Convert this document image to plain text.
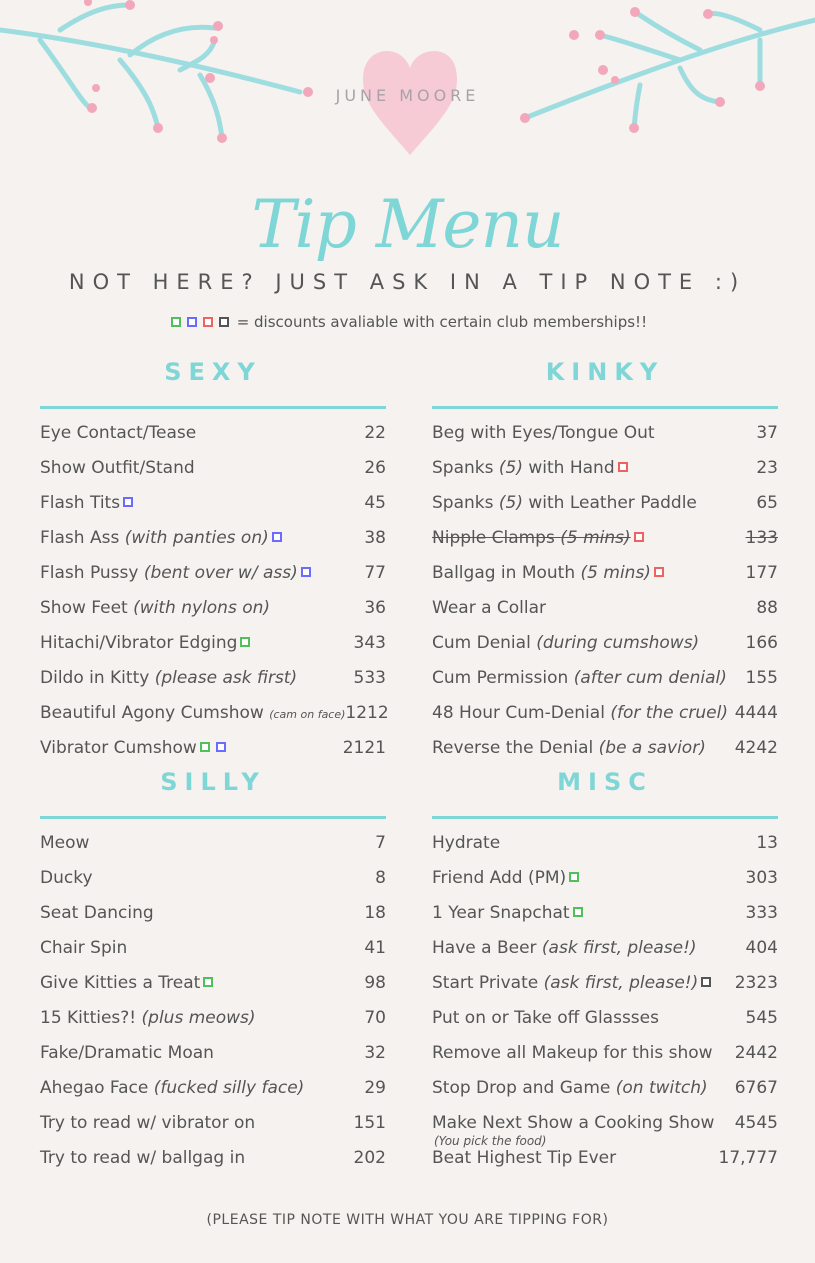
JUNE MOORE
Tip Menu
NOT HERE? JUST ASK IN A TIP NOTE :)
= discounts avaliable with certain club memberships!!
SEXY
Eye Contact/Tease	22
Show Outfit/Stand	26
Flash Tits	45
Flash Ass (with panties on)	38
Flash Pussy (bent over w/ ass)	77
Show Feet (with nylons on)	36
Hitachi/Vibrator Edging	343
Dildo in Kitty (please ask first)	533
Beautiful Agony Cumshow (cam on face) 1212
Vibrator Cumshow	2121
KINKY
Beg with Eyes/Tongue Out	37
Spanks (5) with Hand	23
Spanks (5) with Leather Paddle	65
Nipple Clamps (5 mins)	133
Ballgag in Mouth (5 mins)	177
Wear a Collar	88
Cum Denial (during cumshows)	166
Cum Permission (after cum denial) 155
48 Hour Cum-Denial (for the cruel) 4444
Reverse the Denial (be a savior) 4242
SILLY
Meow	7
Ducky	8
Seat Dancing	18
Chair Spin	41
Give Kitties a Treat	98
15 Kitties?! (plus meows)	70
Fake/Dramatic Moan	32
Ahegao Face (fucked silly face)	29
Try to read w/ vibrator on	151
Try to read w/ ballgag in	202
MISC
Hydrate	13
Friend Add (PM)	303
1 Year Snapchat	333
Have a Beer (ask first, please!)	404
Start Private (ask first, please!)	2323
Put on or Take off Glassses	545
Remove all Makeup for this show 2442
Stop Drop and Game (on twitch) 6767
Make Next Show a Cooking Show 4545
Beat Highest Tip Ever	17,777
(You pick the food)
(PLEASE TIP NOTE WITH WHAT YOU ARE TIPPING FOR)
